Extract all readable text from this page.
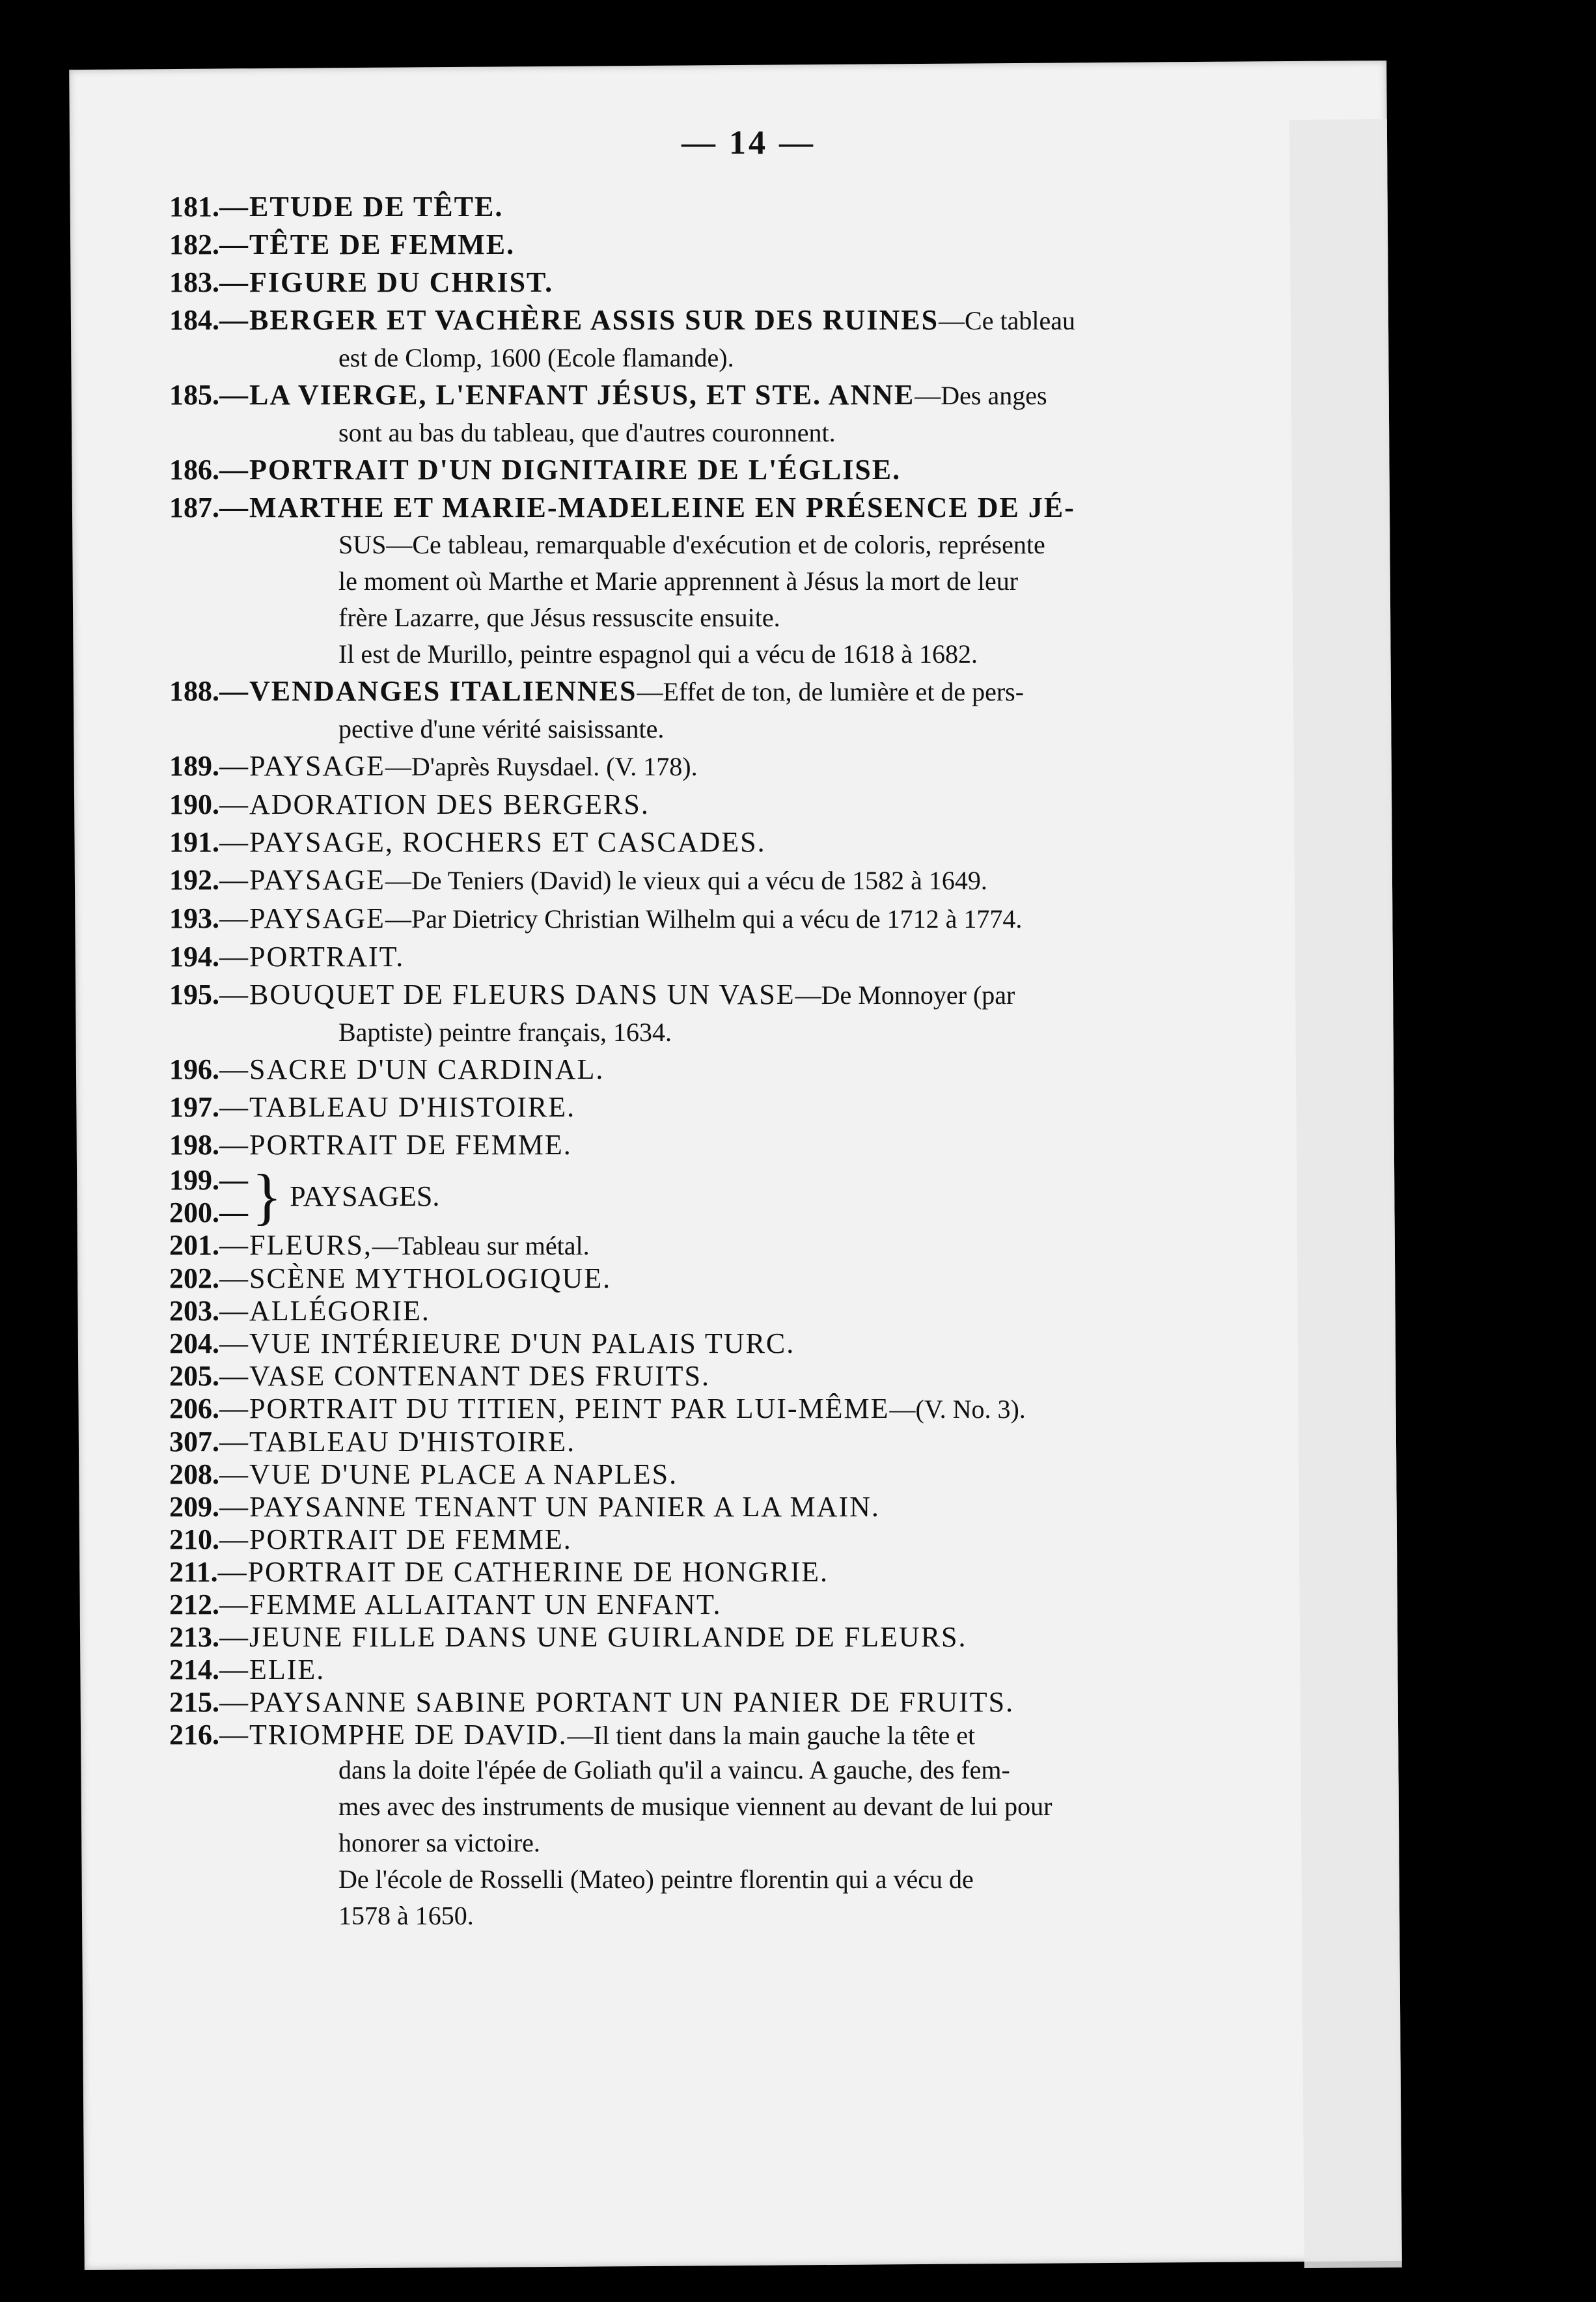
— 14 —

181.—ETUDE DE TÊTE.

182.—TÊTE DE FEMME.

183.—FIGURE DU CHRIST.

184.—BERGER ET VACHÈRE ASSIS SUR DES RUINES—Ce tableau

est de Clomp, 1600 (Ecole flamande).

185.—LA VIERGE, L'ENFANT JÉSUS, ET STE. ANNE—Des anges

sont au bas du tableau, que d'autres couronnent.

186.—PORTRAIT D'UN DIGNITAIRE DE L'ÉGLISE.

187.—MARTHE ET MARIE-MADELEINE EN PRÉSENCE DE JÉ-

SUS—Ce tableau, remarquable d'exécution et de coloris, représente

le moment où Marthe et Marie apprennent à Jésus la mort de leur

frère Lazarre, que Jésus ressuscite ensuite.

Il est de Murillo, peintre espagnol qui a vécu de 1618 à 1682.

188.—VENDANGES ITALIENNES—Effet de ton, de lumière et de pers-

pective d'une vérité saisissante.

189.—PAYSAGE—D'après Ruysdael. (V. 178).

190.—ADORATION DES BERGERS.

191.—PAYSAGE, ROCHERS ET CASCADES.

192.—PAYSAGE—De Teniers (David) le vieux qui a vécu de 1582 à 1649.

193.—PAYSAGE—Par Dietricy Christian Wilhelm qui a vécu de 1712 à 1774.

194.—PORTRAIT.

195.—BOUQUET DE FLEURS DANS UN VASE—De Monnoyer (par

Baptiste) peintre français, 1634.

196.—SACRE D'UN CARDINAL.

197.—TABLEAU D'HISTOIRE.

198.—PORTRAIT DE FEMME.

199.—
200.— } PAYSAGES.

201.—FLEURS,—Tableau sur métal.

202.—SCÈNE MYTHOLOGIQUE.

203.—ALLÉGORIE.

204.—VUE INTÉRIEURE D'UN PALAIS TURC.

205.—VASE CONTENANT DES FRUITS.

206.—PORTRAIT DU TITIEN, PEINT PAR LUI-MÊME—(V. No. 3).

307.—TABLEAU D'HISTOIRE.

208.—VUE D'UNE PLACE A NAPLES.

209.—PAYSANNE TENANT UN PANIER A LA MAIN.

210.—PORTRAIT DE FEMME.

211.—PORTRAIT DE CATHERINE DE HONGRIE.

212.—FEMME ALLAITANT UN ENFANT.

213.—JEUNE FILLE DANS UNE GUIRLANDE DE FLEURS.

214.—ELIE.

215.—PAYSANNE SABINE PORTANT UN PANIER DE FRUITS.

216.—TRIOMPHE DE DAVID.—Il tient dans la main gauche la tête et

dans la doite l'épée de Goliath qu'il a vaincu. A gauche, des fem-

mes avec des instruments de musique viennent au devant de lui pour

honorer sa victoire.

De l'école de Rosselli (Mateo) peintre florentin qui a vécu de

1578 à 1650.
